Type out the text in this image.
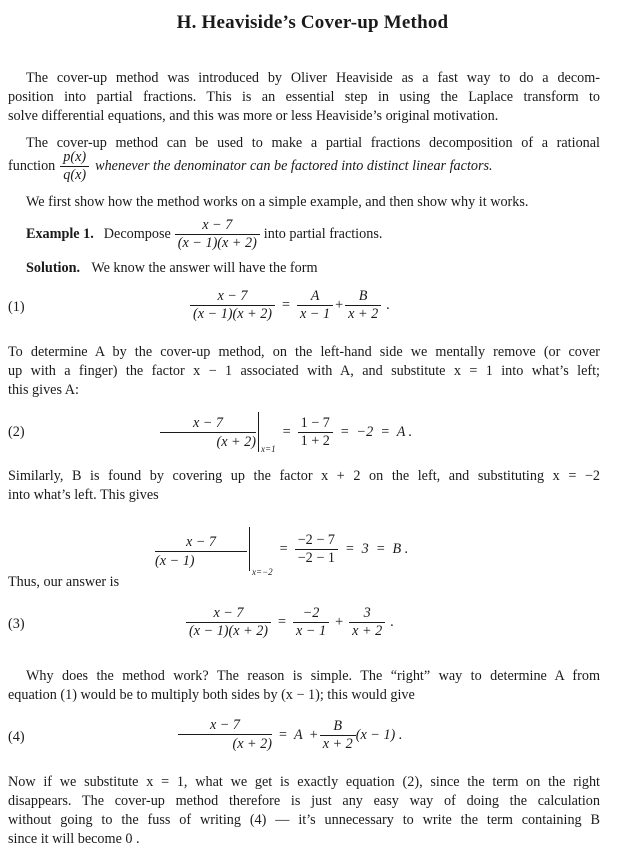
H. Heaviside’s Cover-up Method
The cover-up method was introduced by Oliver Heaviside as a fast way to do a decom-
position into partial fractions. This is an essential step in using the Laplace transform to
solve differential equations, and this was more or less Heaviside’s original motivation.
The cover-up method can be used to make a partial fractions decomposition of a rational
function $\frac{p(x)}{q(x)}$ whenever the denominator can be factored into distinct linear factors.
We first show how the method works on a simple example, and then show why it works.
Example 1. Decompose $\frac{x - 7}{(x - 1)(x + 2)}$ into partial fractions.
Solution. We know the answer will have the form
(1)	$\frac{x - 7}{(x - 1)(x + 2)} = \frac{A}{x - 1} + \frac{B}{x + 2}$ .
To determine A by the cover-up method, on the left-hand side we mentally remove (or cover
up with a finger) the factor x − 1 associated with A, and substitute x = 1 into what’s left;
this gives A:
(2)	$\frac{x - 7}{(x + 2)} x=1$
= $\frac{1 - 7}{1 + 2} = -2 = A$ .
Similarly, B is found by covering up the factor x + 2 on the left, and substituting x = −2
into what’s left. This gives
$\frac{x - 7}{(x - 1)}$
x=−2
= $\frac{-2 - 7}{-2 - 1} = 3 = B$ .
Thus, our answer is
(3)	$\frac{x - 7}{(x - 1)(x + 2)} = \frac{-2}{x - 1} + \frac{3}{x + 2}$ .
Why does the method work? The reason is simple. The “right” way to determine A from
equation (1) would be to multiply both sides by (x − 1); this would give
(4)	$\frac{x - 7}{(x + 2)} = A + \frac{B}{x + 2} (x - 1)$ .
Now if we substitute x = 1, what we get is exactly equation (2), since the term on the right
disappears. The cover-up method therefore is just any easy way of doing the calculation
without going to the fuss of writing (4) — it’s unnecessary to write the term containing B
since it will become 0 .
